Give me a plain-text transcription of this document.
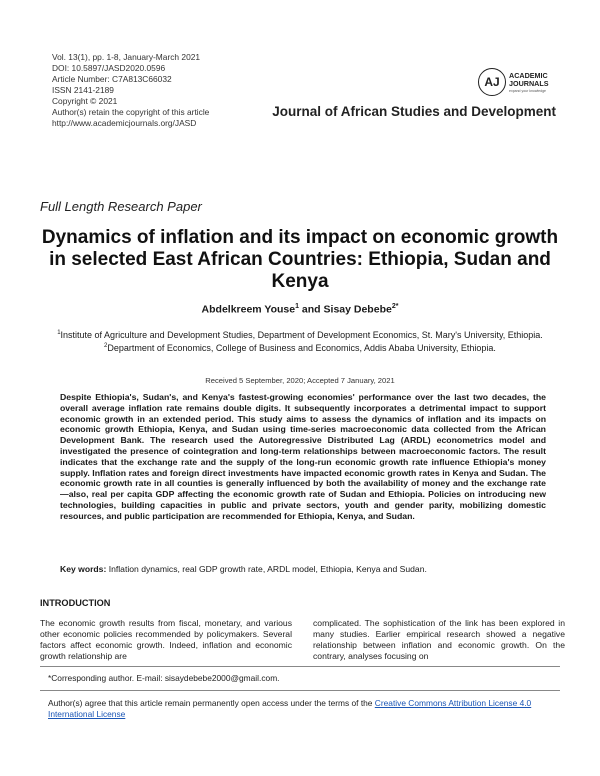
Vol. 13(1), pp. 1-8, January-March 2021
DOI: 10.5897/JASD2020.0596
Article Number: C7A813C66032
ISSN 2141-2189
Copyright © 2021
Author(s) retain the copyright of this article
http://www.academicjournals.org/JASD
AJ	ACADEMIC
JOURNALS
expand your knowledge
Journal of African Studies and Development
Full Length Research Paper
Dynamics of inflation and its impact on economic growth in selected East African Countries: Ethiopia, Sudan and Kenya
Abdelkreem Youse$^1$ and Sisay Debebe$^{2*}$
$^1$Institute of Agriculture and Development Studies, Department of Development Economics, St. Mary's University, Ethiopia.
$^2$Department of Economics, College of Business and Economics, Addis Ababa University, Ethiopia.
Received 5 September, 2020; Accepted 7 January, 2021
Despite Ethiopia's, Sudan's, and Kenya's fastest-growing economies' performance over the last two decades, the overall average inflation rate remains double digits. It subsequently incorporates a detrimental impact to support economic growth in an extended period. This study aims to assess the dynamics of inflation and its impacts on economic growth Ethiopia, Kenya, and Sudan using time-series macroeconomic data collected from the African Development Bank. The research used the Autoregressive Distributed Lag (ARDL) econometrics model and investigated the presence of cointegration and long-term relationships between macroeconomic factors. The result indicates that the exchange rate and the supply of the long-run economic growth rate influence Ethiopia's money supply. Inflation rates and foreign direct investments have impacted economic growth rates in Kenya and Sudan. The economic growth rate in all counties is generally influenced by both the availability of money and the exchange rate—also, real per capita GDP affecting the economic growth rate of Sudan and Ethiopia. Policies on introducing new technologies, building capacities in public and private sectors, youth and gender parity, mobilizing domestic resources, and public participation are recommended for Ethiopia, Kenya, and Sudan.
Key words: Inflation dynamics, real GDP growth rate, ARDL model, Ethiopia, Kenya and Sudan.
INTRODUCTION
The economic growth results from fiscal, monetary, and various other economic policies recommended by policymakers. Several factors affect economic growth. Indeed, inflation and economic growth relationship are
complicated. The sophistication of the link has been explored in many studies. Earlier empirical research showed a negative relationship between inflation and economic growth. On the contrary, analyses focusing on
*Corresponding author. E-mail: sisaydebebe2000@gmail.com.
Author(s) agree that this article remain permanently open access under the terms of the Creative Commons Attribution License 4.0 International License
